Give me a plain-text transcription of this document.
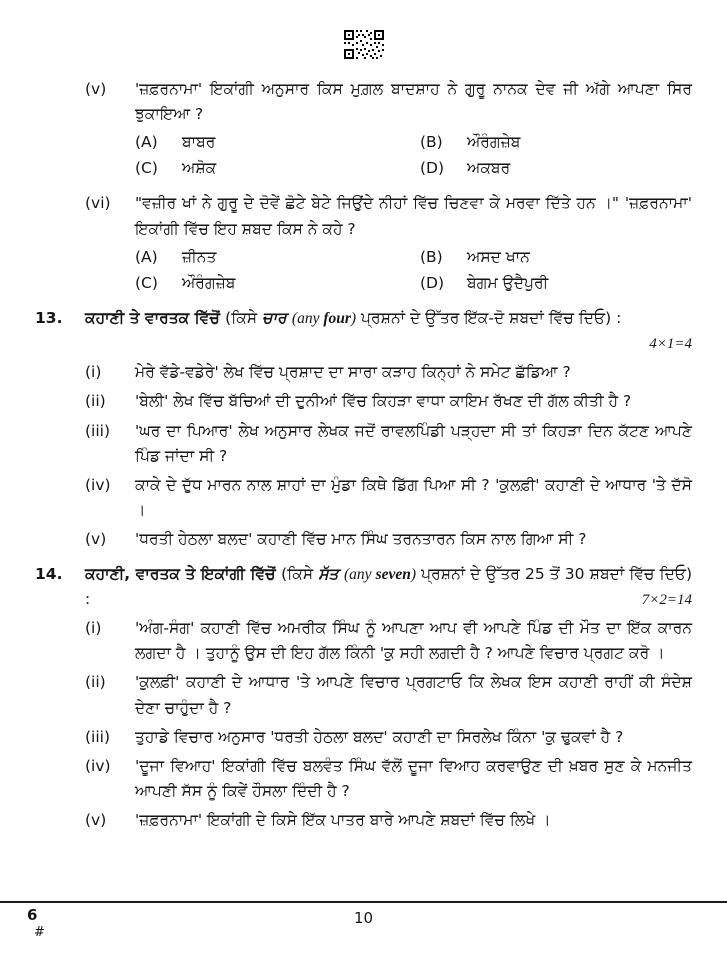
(v)	'ਜ਼ਫ਼ਰਨਾਮਾ' ਇਕਾਂਗੀ ਅਨੁਸਾਰ ਕਿਸ ਮੁਗ਼ਲ ਬਾਦਸ਼ਾਹ ਨੇ ਗੁਰੂ ਨਾਨਕ ਦੇਵ ਜੀ ਅੱਗੇ ਆਪਣਾ ਸਿਰ ਝੁਕਾਇਆ ?

(A)	ਬਾਬਰ	(B)	ਔਰੰਗਜ਼ੇਬ
(C)	ਅਸ਼ੋਕ	(D)	ਅਕਬਰ
(vi)	"ਵਜ਼ੀਰ ਖਾਂ ਨੇ ਗੁਰੂ ਦੇ ਦੋਵੇਂ ਛੋਟੇ ਬੇਟੇ ਜਿਉਂਦੇ ਨੀਹਾਂ ਵਿੱਚ ਚਿਣਵਾ ਕੇ ਮਰਵਾ ਦਿੱਤੇ ਹਨ ।" 'ਜ਼ਫ਼ਰਨਾਮਾ' ਇਕਾਂਗੀ ਵਿੱਚ ਇਹ ਸ਼ਬਦ ਕਿਸ ਨੇ ਕਹੇ ?

(A)	ਜ਼ੀਨਤ	(B)	ਅਸਦ ਖਾਨ
(C)	ਔਰੰਗਜ਼ੇਬ	(D)	ਬੇਗਮ ਉਦੈਪੁਰੀ
13.	ਕਹਾਣੀ ਤੇ ਵਾਰਤਕ ਵਿੱਚੋਂ (ਕਿਸੇ ਚਾਰ (any four) ਪ੍ਰਸ਼ਨਾਂ ਦੇ ਉੱਤਰ ਇੱਕ-ਦੋ ਸ਼ਬਦਾਂ ਵਿੱਚ ਦਿਓ) :
4×1=4
(i)	ਮੇਰੇ ਵੱਡੇ-ਵਡੇਰੇ' ਲੇਖ ਵਿੱਚ ਪ੍ਰਸ਼ਾਦ ਦਾ ਸਾਰਾ ਕੜਾਹ ਕਿਨ੍ਹਾਂ ਨੇ ਸਮੇਟ ਛੱਡਿਆ ?
(ii)	'ਬੇਲੀ' ਲੇਖ ਵਿੱਚ ਬੱਚਿਆਂ ਦੀ ਦੁਨੀਆਂ ਵਿੱਚ ਕਿਹੜਾ ਵਾਧਾ ਕਾਇਮ ਰੱਖਣ ਦੀ ਗੱਲ ਕੀਤੀ ਹੈ ?
(iii)	'ਘਰ ਦਾ ਪਿਆਰ' ਲੇਖ ਅਨੁਸਾਰ ਲੇਖਕ ਜਦੋਂ ਰਾਵਲਪਿੰਡੀ ਪੜ੍ਹਦਾ ਸੀ ਤਾਂ ਕਿਹੜਾ ਦਿਨ ਕੱਟਣ ਆਪਣੇ ਪਿੰਡ ਜਾਂਦਾ ਸੀ ?
(iv)	ਕਾਕੇ ਦੇ ਦੁੱਧ ਮਾਰਨ ਨਾਲ ਸ਼ਾਹਾਂ ਦਾ ਮੁੰਡਾ ਕਿਥੇ ਡਿੱਗ ਪਿਆ ਸੀ ? 'ਕੁਲਫ਼ੀ' ਕਹਾਣੀ ਦੇ ਆਧਾਰ 'ਤੇ ਦੱਸੋ ।
(v)	'ਧਰਤੀ ਹੇਠਲਾ ਬਲਦ' ਕਹਾਣੀ ਵਿੱਚ ਮਾਨ ਸਿੰਘ ਤਰਨਤਾਰਨ ਕਿਸ ਨਾਲ ਗਿਆ ਸੀ ?
14.	ਕਹਾਣੀ, ਵਾਰਤਕ ਤੇ ਇਕਾਂਗੀ ਵਿੱਚੋਂ (ਕਿਸੇ ਸੱਤ (any seven) ਪ੍ਰਸ਼ਨਾਂ ਦੇ ਉੱਤਰ 25 ਤੋਂ 30 ਸ਼ਬਦਾਂ ਵਿੱਚ ਦਿਓ) :	7×2=14
(i)	'ਅੰਗ-ਸੰਗ' ਕਹਾਣੀ ਵਿੱਚ ਅਮਰੀਕ ਸਿੰਘ ਨੂੰ ਆਪਣਾ ਆਪ ਵੀ ਆਪਣੇ ਪਿੰਡ ਦੀ ਮੌਤ ਦਾ ਇੱਕ ਕਾਰਨ ਲਗਦਾ ਹੈ । ਤੁਹਾਨੂੰ ਉਸ ਦੀ ਇਹ ਗੱਲ ਕਿੰਨੀ 'ਕੁ ਸਹੀ ਲਗਦੀ ਹੈ ? ਆਪਣੇ ਵਿਚਾਰ ਪ੍ਰਗਟ ਕਰੋ ।
(ii)	'ਕੁਲਫ਼ੀ' ਕਹਾਣੀ ਦੇ ਆਧਾਰ 'ਤੇ ਆਪਣੇ ਵਿਚਾਰ ਪ੍ਰਗਟਾਓ ਕਿ ਲੇਖਕ ਇਸ ਕਹਾਣੀ ਰਾਹੀਂ ਕੀ ਸੰਦੇਸ਼ ਦੇਣਾ ਚਾਹੁੰਦਾ ਹੈ ?
(iii)	ਤੁਹਾਡੇ ਵਿਚਾਰ ਅਨੁਸਾਰ 'ਧਰਤੀ ਹੇਠਲਾ ਬਲਦ' ਕਹਾਣੀ ਦਾ ਸਿਰਲੇਖ ਕਿੰਨਾ 'ਕੁ ਢੁਕਵਾਂ ਹੈ ?
(iv)	'ਦੂਜਾ ਵਿਆਹ' ਇਕਾਂਗੀ ਵਿੱਚ ਬਲਵੰਤ ਸਿੰਘ ਵੱਲੋਂ ਦੂਜਾ ਵਿਆਹ ਕਰਵਾਉਣ ਦੀ ਖ਼ਬਰ ਸੁਣ ਕੇ ਮਨਜੀਤ ਆਪਣੀ ਸੱਸ ਨੂੰ ਕਿਵੇਂ ਹੌਸਲਾ ਦਿੰਦੀ ਹੈ ?
(v)	'ਜ਼ਫ਼ਰਨਾਮਾ' ਇਕਾਂਗੀ ਦੇ ਕਿਸੇ ਇੱਕ ਪਾਤਰ ਬਾਰੇ ਆਪਣੇ ਸ਼ਬਦਾਂ ਵਿੱਚ ਲਿਖੇ ।
6
#
10
